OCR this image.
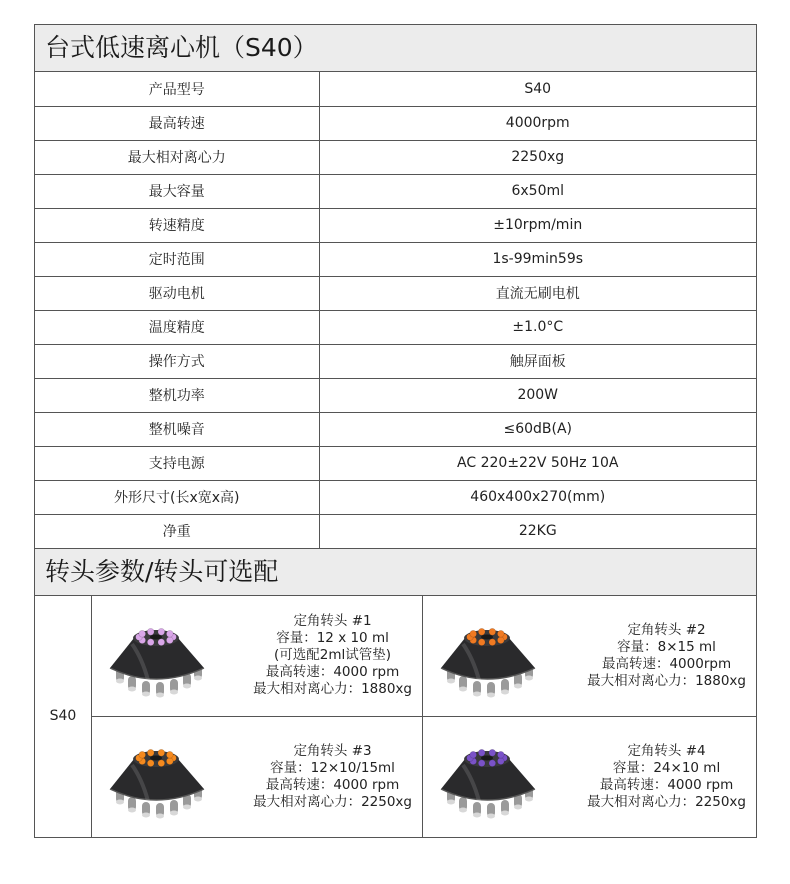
台式低速离心机（S40）
产品型号	S40
最高转速	4000rpm
最大相对离心力	2250xg
最大容量	6x50ml
转速精度	±10rpm/min
定时范围	1s-99min59s
驱动电机	直流无刷电机
温度精度	±1.0°C
操作方式	触屏面板
整机功率	200W
整机噪音	≤60dB(A)
支持电源	AC 220±22V 50Hz 10A
外形尺寸(长x宽x高)	460x400x270(mm)
净重	22KG
转头参数/转头可选配
S40
定角转头 #1
容量：12 x 10 ml
(可选配2ml试管垫)
最高转速：4000 rpm
最大相对离心力：1880xg
定角转头 #2
容量：8×15 ml
最高转速：4000rpm
最大相对离心力：1880xg
定角转头 #3
容量：12×10/15ml
最高转速：4000 rpm
最大相对离心力：2250xg
定角转头 #4
容量：24×10 ml
最高转速：4000 rpm
最大相对离心力：2250xg
